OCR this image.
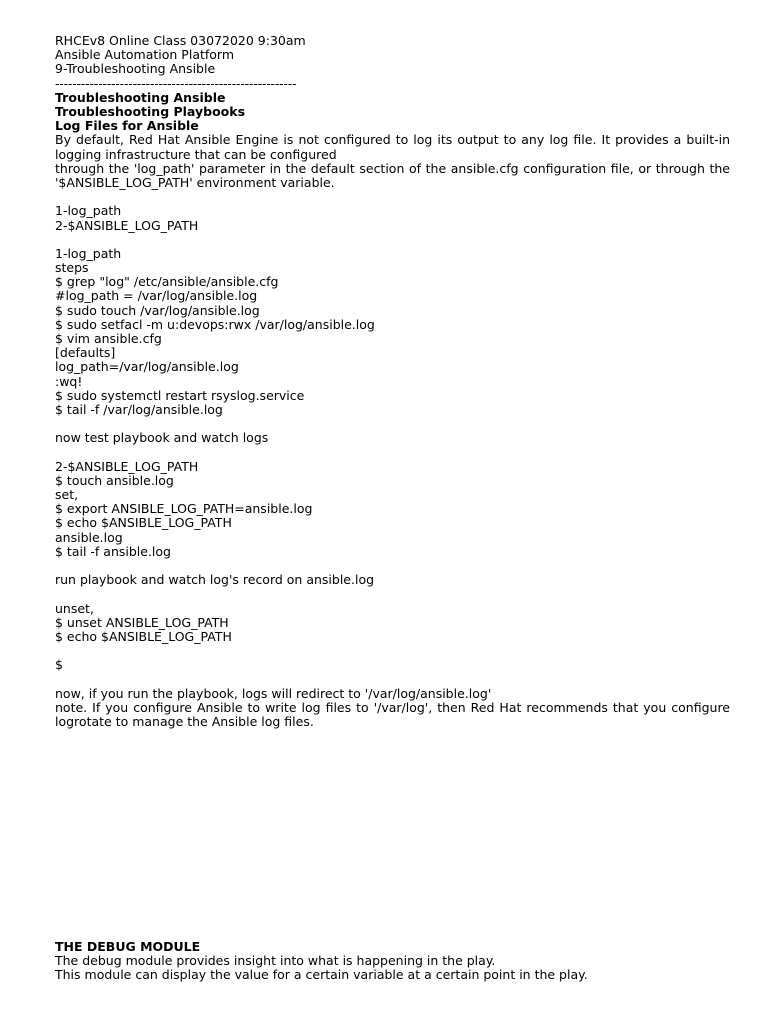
RHCEv8 Online Class 03072020 9:30am
Ansible Automation Platform
9-Troubleshooting Ansible
--------------------------------------------------------
Troubleshooting Ansible
Troubleshooting Playbooks
Log Files for Ansible

By default, Red Hat Ansible Engine is not configured to log its output to any log file. It provides a built-in logging infrastructure that can be configured

through the 'log_path' parameter in the default section of the ansible.cfg configuration file, or through the '$ANSIBLE_LOG_PATH' environment variable.

1-log_path
2-$ANSIBLE_LOG_PATH
1-log_path
steps
$ grep "log" /etc/ansible/ansible.cfg
#log_path = /var/log/ansible.log
$ sudo touch /var/log/ansible.log
$ sudo setfacl -m u:devops:rwx /var/log/ansible.log
$ vim ansible.cfg
[defaults]
log_path=/var/log/ansible.log
:wq!
$ sudo systemctl restart rsyslog.service
$ tail -f /var/log/ansible.log
now test playbook and watch logs
2-$ANSIBLE_LOG_PATH
$ touch ansible.log
set,
$ export ANSIBLE_LOG_PATH=ansible.log
$ echo $ANSIBLE_LOG_PATH
ansible.log
$ tail -f ansible.log
run playbook and watch log's record on ansible.log
unset,
$ unset ANSIBLE_LOG_PATH
$ echo $ANSIBLE_LOG_PATH
$
now, if you run the playbook, logs will redirect to '/var/log/ansible.log'

note. If you configure Ansible to write log files to '/var/log', then Red Hat recommends that you configure logrotate to manage the Ansible log files.

THE DEBUG MODULE
The debug module provides insight into what is happening in the play.
This module can display the value for a certain variable at a certain point in the play.
